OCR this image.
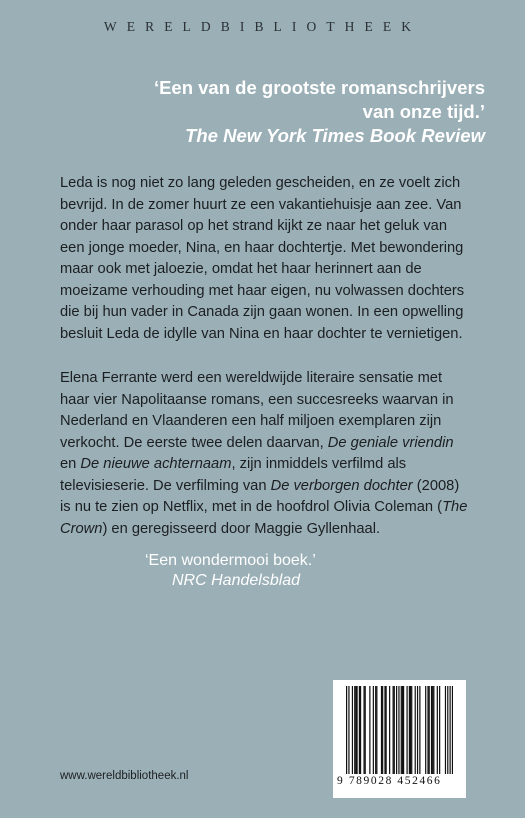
WERELDBIBLIOTHEEK
‘Een van de grootste romanschrijvers
van onze tijd.’
The New York Times Book Review

Leda is nog niet zo lang geleden gescheiden, en ze voelt zich bevrijd. In de zomer huurt ze een vakantiehuisje aan zee. Van onder haar parasol op het strand kijkt ze naar het geluk van een jonge moeder, Nina, en haar dochtertje. Met bewondering maar ook met jaloezie, omdat het haar herinnert aan de moeizame verhouding met haar eigen, nu volwassen dochters die bij hun vader in Canada zijn gaan wonen. In een opwelling besluit Leda de idylle van Nina en haar dochter te vernietigen.

Elena Ferrante werd een wereldwijde literaire sensatie met haar vier Napolitaanse romans, een succesreeks waarvan in Nederland en Vlaanderen een half miljoen exemplaren zijn verkocht. De eerste twee delen daarvan, De geniale vriendin en De nieuwe achternaam, zijn inmiddels verfilmd als televisieserie. De verfilming van De verborgen dochter (2008) is nu te zien op Netflix, met in de hoofdrol Olivia Coleman (The Crown) en geregisseerd door Maggie Gyllenhaal.

‘Een wondermooi boek.’
NRC Handelsblad
www.wereldbibliotheek.nl	9 789028 452466
